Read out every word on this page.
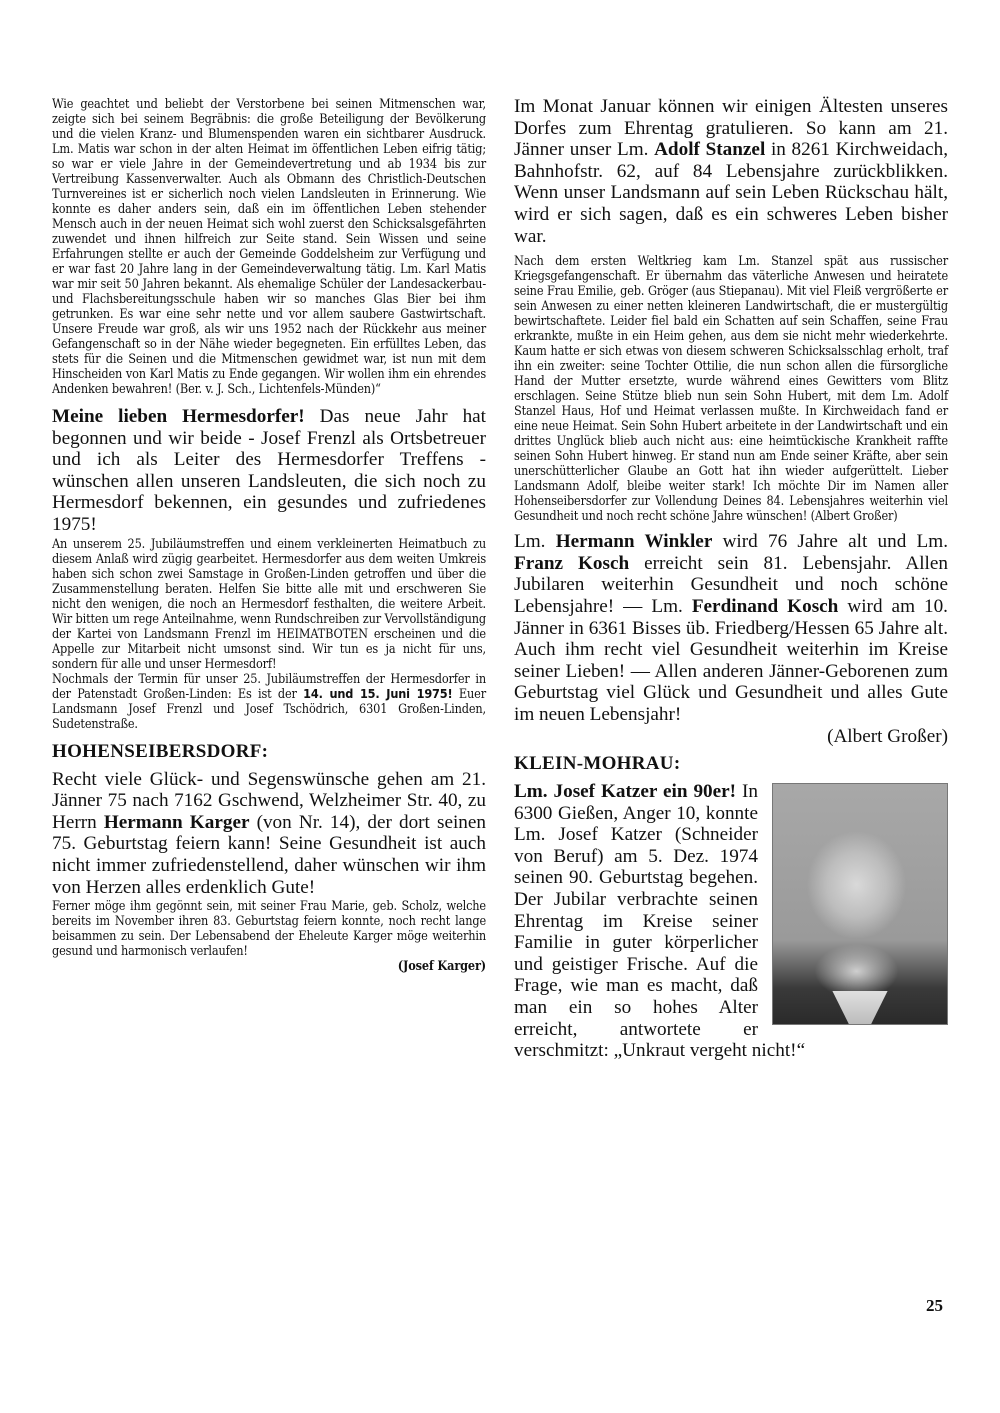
Wie geachtet und beliebt der Verstorbene bei seinen Mitmenschen war, zeigte sich bei seinem Begräbnis: die große Beteiligung der Bevölkerung und die vielen Kranz- und Blumenspenden waren ein sichtbarer Ausdruck. Lm. Matis war schon in der alten Heimat im öffentlichen Leben eifrig tätig; so war er viele Jahre in der Gemeindevertretung und ab 1934 bis zur Vertreibung Kassenverwalter. Auch als Obmann des Christlich-Deutschen Turnvereines ist er sicherlich noch vielen Landsleuten in Erinnerung. Wie konnte es daher anders sein, daß ein im öffentlichen Leben stehender Mensch auch in der neuen Heimat sich wohl zuerst den Schicksalsgefährten zuwendet und ihnen hilfreich zur Seite stand. Sein Wissen und seine Erfahrungen stellte er auch der Gemeinde Goddelsheim zur Verfügung und er war fast 20 Jahre lang in der Gemeindeverwaltung tätig. Lm. Karl Matis war mir seit 50 Jahren bekannt. Als ehemalige Schüler der Landesackerbau- und Flachsbereitungsschule haben wir so manches Glas Bier bei ihm getrunken. Es war eine sehr nette und vor allem saubere Gastwirtschaft. Unsere Freude war groß, als wir uns 1952 nach der Rückkehr aus meiner Gefangenschaft so in der Nähe wieder begegneten. Ein erfülltes Leben, das stets für die Seinen und die Mitmenschen gewidmet war, ist nun mit dem Hinscheiden von Karl Matis zu Ende gegangen. Wir wollen ihm ein ehrendes Andenken bewahren! (Ber. v. J. Sch., Lichtenfels-Münden)“

Meine lieben Hermesdorfer! Das neue Jahr hat begonnen und wir beide - Josef Frenzl als Ortsbetreuer und ich als Leiter des Hermesdorfer Treffens - wünschen allen unseren Landsleuten, die sich noch zu Hermesdorf bekennen, ein gesundes und zufriedenes 1975!

An unserem 25. Jubiläumstreffen und einem verkleinerten Heimatbuch zu diesem Anlaß wird zügig gearbeitet. Hermesdorfer aus dem weiten Umkreis haben sich schon zwei Samstage in Großen-Linden getroffen und über die Zusammenstellung beraten. Helfen Sie bitte alle mit und erschweren Sie nicht den wenigen, die noch an Hermesdorf festhalten, die weitere Arbeit. Wir bitten um rege Anteilnahme, wenn Rundschreiben zur Vervollständigung der Kartei von Landsmann Frenzl im HEIMATBOTEN erscheinen und die Appelle zur Mitarbeit nicht umsonst sind. Wir tun es ja nicht für uns, sondern für alle und unser Hermesdorf!

Nochmals der Termin für unser 25. Jubiläumstreffen der Hermesdorfer in der Patenstadt Großen-Linden: Es ist der 14. und 15. Juni 1975! Euer Landsmann Josef Frenzl und Josef Tschödrich, 6301 Großen-Linden, Sudetenstraße.

HOHENSEIBERSDORF:

Recht viele Glück- und Segenswünsche gehen am 21. Jänner 75 nach 7162 Gschwend, Welzheimer Str. 40, zu Herrn Hermann Karger (von Nr. 14), der dort seinen 75. Geburtstag feiern kann! Seine Gesundheit ist auch nicht immer zufriedenstellend, daher wünschen wir ihm von Herzen alles erdenklich Gute!

Ferner möge ihm gegönnt sein, mit seiner Frau Marie, geb. Scholz, welche bereits im November ihren 83. Geburtstag feiern konnte, noch recht lange beisammen zu sein. Der Lebensabend der Eheleute Karger möge weiterhin gesund und harmonisch verlaufen!

(Josef Karger)

Im Monat Januar können wir einigen Ältesten unseres Dorfes zum Ehrentag gratulieren. So kann am 21. Jänner unser Lm. Adolf Stanzel in 8261 Kirchweidach, Bahnhofstr. 62, auf 84 Lebensjahre zurückblikken. Wenn unser Landsmann auf sein Leben Rückschau hält, wird er sich sagen, daß es ein schweres Leben bisher war.

Nach dem ersten Weltkrieg kam Lm. Stanzel spät aus russischer Kriegsgefangenschaft. Er übernahm das väterliche Anwesen und heiratete seine Frau Emilie, geb. Gröger (aus Stiepanau). Mit viel Fleiß vergrößerte er sein Anwesen zu einer netten kleineren Landwirtschaft, die er mustergültig bewirtschaftete. Leider fiel bald ein Schatten auf sein Schaffen, seine Frau erkrankte, mußte in ein Heim gehen, aus dem sie nicht mehr wiederkehrte. Kaum hatte er sich etwas von diesem schweren Schicksalsschlag erholt, traf ihn ein zweiter: seine Tochter Ottilie, die nun schon allen die fürsorgliche Hand der Mutter ersetzte, wurde während eines Gewitters vom Blitz erschlagen. Seine Stütze blieb nun sein Sohn Hubert, mit dem Lm. Adolf Stanzel Haus, Hof und Heimat verlassen mußte. In Kirchweidach fand er eine neue Heimat. Sein Sohn Hubert arbeitete in der Landwirtschaft und ein drittes Unglück blieb auch nicht aus: eine heimtückische Krankheit raffte seinen Sohn Hubert hinweg. Er stand nun am Ende seiner Kräfte, aber sein unerschütterlicher Glaube an Gott hat ihn wieder aufgerüttelt. Lieber Landsmann Adolf, bleibe weiter stark! Ich möchte Dir im Namen aller Hohenseibersdorfer zur Vollendung Deines 84. Lebensjahres weiterhin viel Gesundheit und noch recht schöne Jahre wünschen! (Albert Großer)

Lm. Hermann Winkler wird 76 Jahre alt und Lm. Franz Kosch erreicht sein 81. Lebensjahr. Allen Jubilaren weiterhin Gesundheit und noch schöne Lebensjahre! — Lm. Ferdinand Kosch wird am 10. Jänner in 6361 Bisses üb. Friedberg/Hessen 65 Jahre alt. Auch ihm recht viel Gesundheit weiterhin im Kreise seiner Lieben! — Allen anderen Jänner-Geborenen zum Geburtstag viel Glück und Gesundheit und alles Gute im neuen Lebensjahr!

(Albert Großer)

KLEIN-MOHRAU:

Lm. Josef Katzer ein 90er! In 6300 Gießen, Anger 10, konnte Lm. Josef Katzer (Schneider von Beruf) am 5. Dez. 1974 seinen 90. Geburtstag begehen. Der Jubilar verbrachte seinen Ehrentag im Kreise seiner Familie in guter körperlicher und geistiger Frische. Auf die Frage, wie man es macht, daß man ein so hohes Alter erreicht, antwortete er verschmitzt: „Unkraut vergeht nicht!“

25
